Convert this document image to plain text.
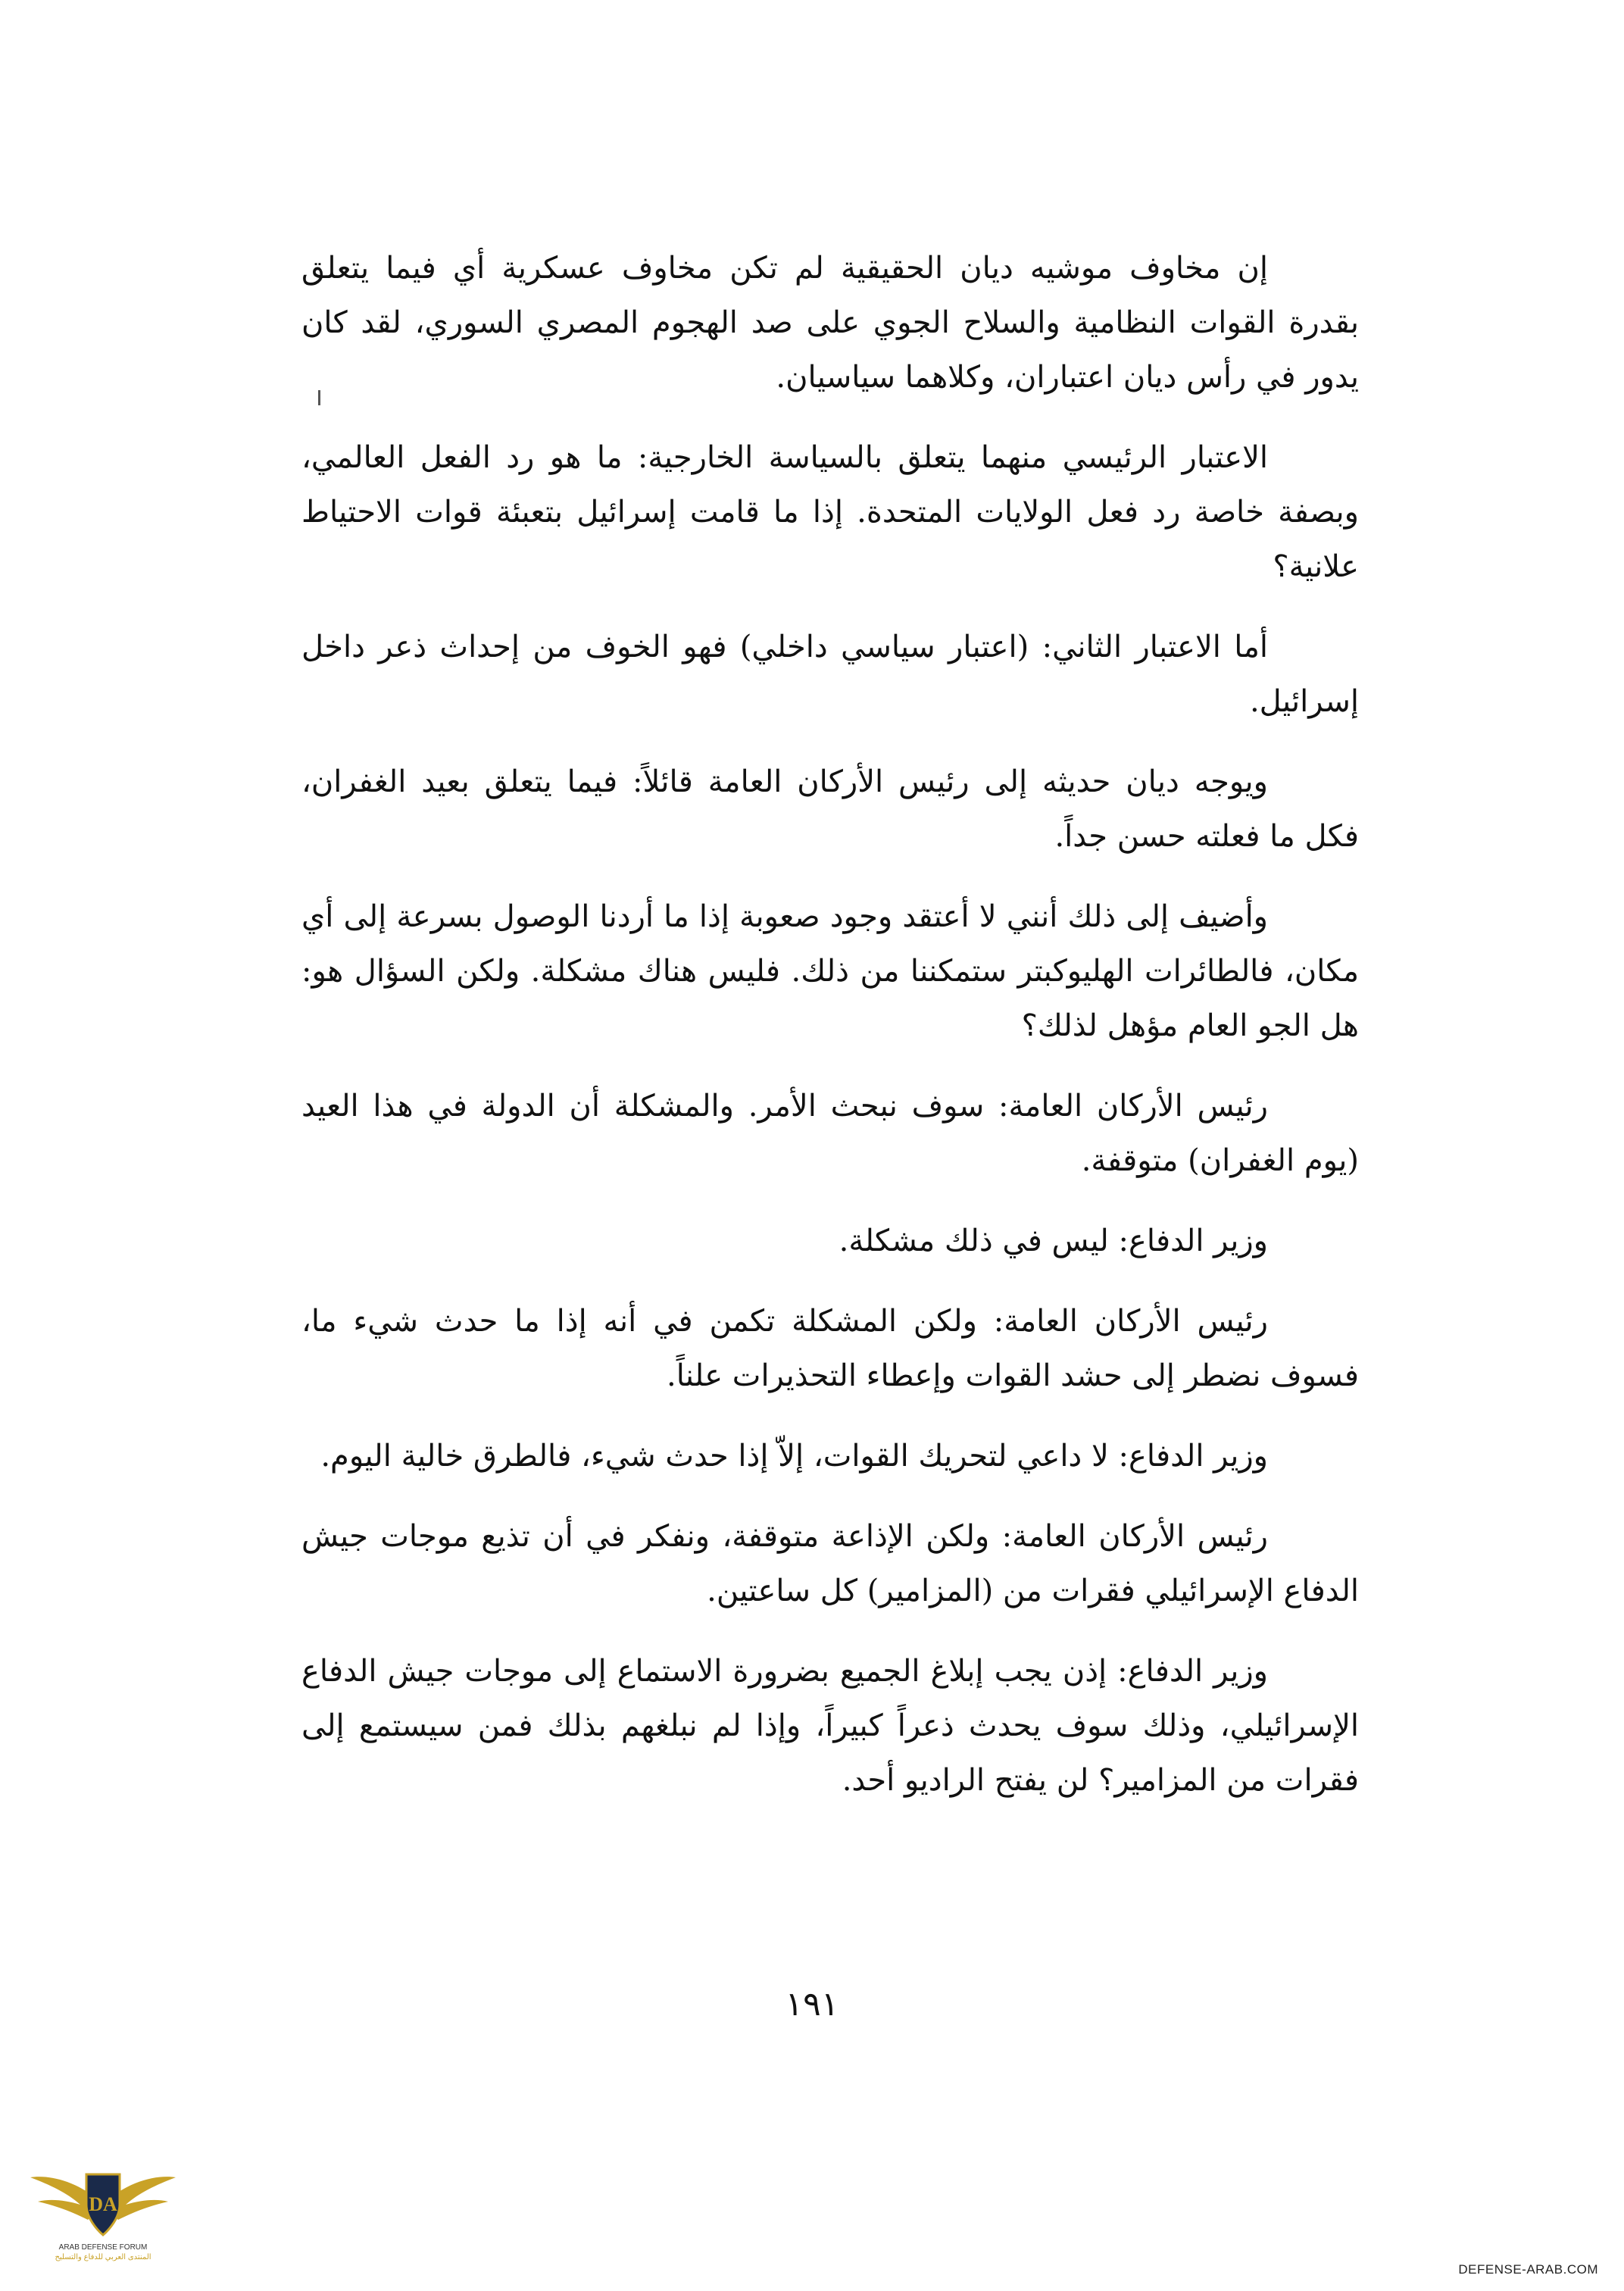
إن مخاوف موشيه ديان الحقيقية لم تكن مخاوف عسكرية أي فيما يتعلق بقدرة القوات النظامية والسلاح الجوي على صد الهجوم المصري السوري، لقد كان يدور في رأس ديان اعتباران، وكلاهما سياسيان.

الاعتبار الرئيسي منهما يتعلق بالسياسة الخارجية: ما هو رد الفعل العالمي، وبصفة خاصة رد فعل الولايات المتحدة. إذا ما قامت إسرائيل بتعبئة قوات الاحتياط علانية؟

أما الاعتبار الثاني: (اعتبار سياسي داخلي) فهو الخوف من إحداث ذعر داخل إسرائيل.

ويوجه ديان حديثه إلى رئيس الأركان العامة قائلاً: فيما يتعلق بعيد الغفران، فكل ما فعلته حسن جداً.

وأضيف إلى ذلك أنني لا أعتقد وجود صعوبة إذا ما أردنا الوصول بسرعة إلى أي مكان، فالطائرات الهليوكبتر ستمكننا من ذلك. فليس هناك مشكلة. ولكن السؤال هو: هل الجو العام مؤهل لذلك؟

رئيس الأركان العامة: سوف نبحث الأمر. والمشكلة أن الدولة في هذا العيد (يوم الغفران) متوقفة.

وزير الدفاع: ليس في ذلك مشكلة.

رئيس الأركان العامة: ولكن المشكلة تكمن في أنه إذا ما حدث شيء ما، فسوف نضطر إلى حشد القوات وإعطاء التحذيرات علناً.

وزير الدفاع: لا داعي لتحريك القوات، إلاّ إذا حدث شيء، فالطرق خالية اليوم.

رئيس الأركان العامة: ولكن الإذاعة متوقفة، ونفكر في أن تذيع موجات جيش الدفاع الإسرائيلي فقرات من (المزامير) كل ساعتين.

وزير الدفاع: إذن يجب إبلاغ الجميع بضرورة الاستماع إلى موجات جيش الدفاع الإسرائيلي، وذلك سوف يحدث ذعراً كبيراً، وإذا لم نبلغهم بذلك فمن سيستمع إلى فقرات من المزامير؟ لن يفتح الراديو أحد.

١٩١
DA
ARAB DEFENSE FORUM
المنتدى العربي للدفاع والتسليح
DEFENSE-ARAB.COM
